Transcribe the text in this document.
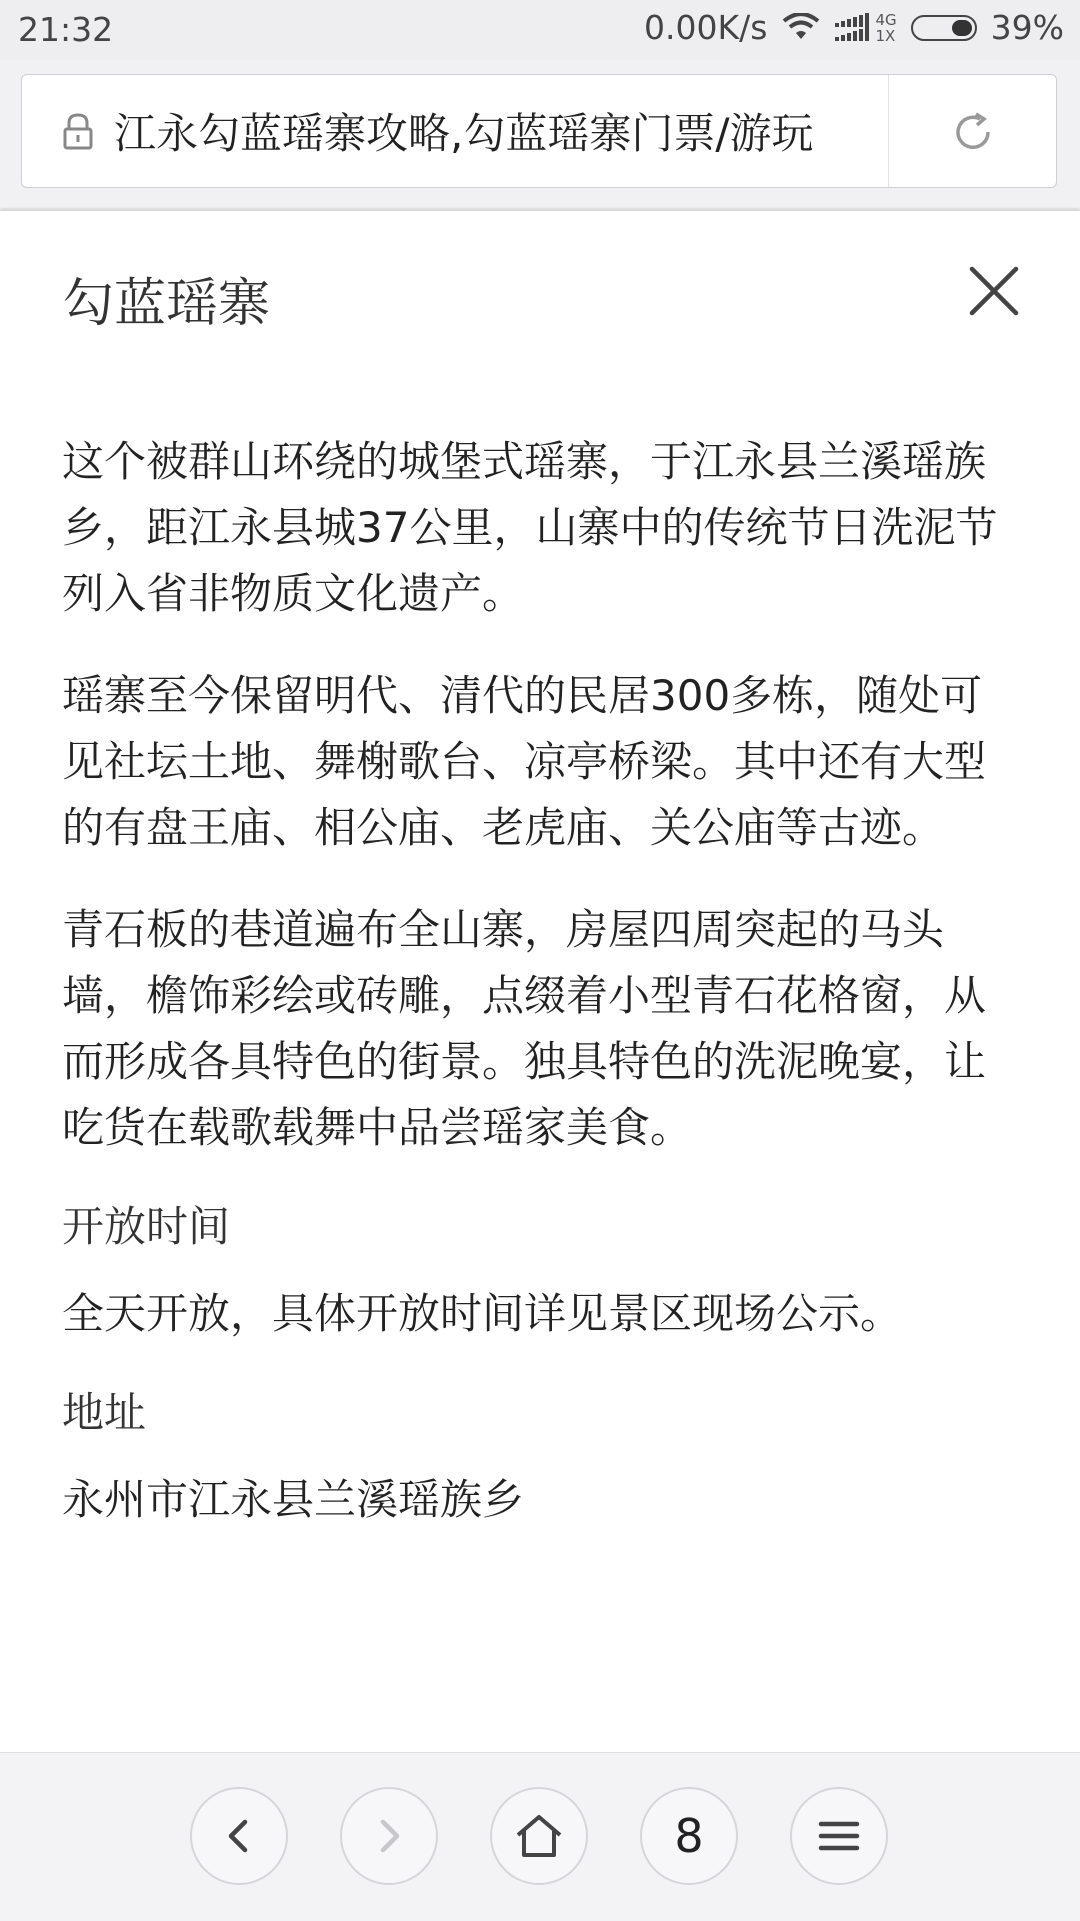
21:32	0.00K/s	4G
1X	39%
江永勾蓝瑶寨攻略,勾蓝瑶寨门票/游玩
勾蓝瑶寨

这个被群山环绕的城堡式瑶寨，于江永县兰溪瑶族乡，距江永县城37公里，山寨中的传统节日洗泥节列入省非物质文化遗产。

瑶寨至今保留明代、清代的民居300多栋，随处可见社坛土地、舞榭歌台、凉亭桥梁。其中还有大型的有盘王庙、相公庙、老虎庙、关公庙等古迹。

青石板的巷道遍布全山寨，房屋四周突起的马头墙，檐饰彩绘或砖雕，点缀着小型青石花格窗，从而形成各具特色的街景。独具特色的洗泥晚宴，让吃货在载歌载舞中品尝瑶家美食。

开放时间

全天开放，具体开放时间详见景区现场公示。

地址

永州市江永县兰溪瑶族乡

8
